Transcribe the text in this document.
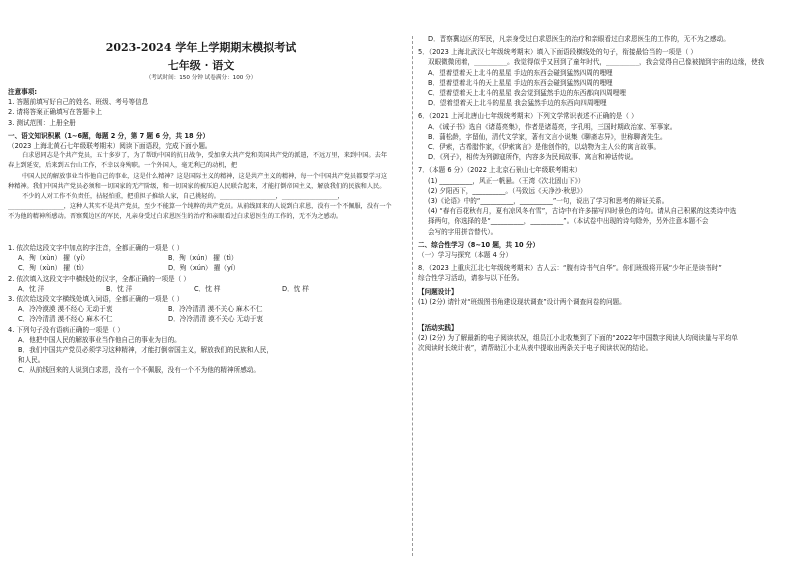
2023-2024 学年上学期期末模拟考试
七年级 · 语文
（考试时间：150 分钟 试卷满分：100 分）
注意事项:
1. 答题前填写好自己的姓名、班级、考号等信息
2. 请将答案正确填写在答题卡上
3. 测试范围：上册全册
一、语文知识积累（1~6题，每题 2 分，第 7 题 6 分，共 18 分）
（2023 上海北黄石七年级联考期末）阅读下面语段，完成下面小题。
白求恩同志是个共产党员，五十多岁了，为了帮助中国的抗日战争，受加拿大共产党和美国共产党的派遣，不远万里，来到中国。去年春上到延安，后来到五台山工作，不幸以身殉职。一个外国人，毫无利己的动机，把
中国人民的解放事业当作他自己的事业，这是什么精神？这是国际主义的精神，这是共产主义的精神，每一个中国共产党员都要学习这种精神。我们中国共产党员必须和一切国家的无产阶级，和一切国家的被压迫人民联合起来，才能打倒帝国主义，解放我们的民族和人民。
不少的人对工作不负责任，拈轻怕重，把重担子推给人家，自己挑轻的。__________________，__________________，__________________，这种人其实不是共产党员，至少不能算一个纯粹的共产党员。从前线回来的人说到白求恩，没有一个不佩服，没有一个不为他的精神所感动。晋察冀边区的军民，凡亲身受过白求恩医生的治疗和亲眼看过白求恩医生的工作的，无不为之感动。
1. 依次给这段文字中加点的字注音，全都正确的一项是（ ）
A．殉（xùn） 擢（yí）	B．殉（xún） 擢（tì）
C．殉（xùn） 擢（tì）	D．殉（xún） 擢（yí）
2. 依次填入这段文字中横线处的汉字，全都正确的一项是（ ）
A．忱 洋	B．忱 洋	C．忱 样	D．忱 样
3. 依次给这段文字横线处填入词语，全都正确的一项是（ ）
A．冷冷漠漠 漠不经心 无动于衷	B．冷冷清清 漠不关心 麻木不仁
C．冷冷清清 漠不经心 麻木不仁	D．冷冷清清 漠不关心 无动于衷
4. 下列句子没有语病正确的一项是（ ）
A．他把中国人民的解放事业当作他自己的事业为目的。
B．我们中国共产党员必须学习这种精神，才能打倒帝国主义，解放我们的民族和人民，
和人民。
C．从前线回来的人说到白求恩，没有一个不佩服，没有一个不为他的精神所感动。
D．晋察冀边区的军民，凡亲身受过白求恩医生的治疗和亲眼看过白求恩医生的工作的，无不为之感动。
5．（2023 上海北武汉七年级统考期末）填入下面语段横线处的句子，衔接最恰当的一项是（ ）
双眼微微闭着，__________。我觉得似乎又回到了童年时代，__________，我会觉得自己像被抛到宇宙的边缘，使我
A．望着望着天上北斗的星星 手边的东西会碰到猛然四周的哩哩
B．望着望着北斗的天上星星 手边的东西会碰到猛然四周的哩哩
C．望着望着天上北斗的星星 我会觉到猛然手边的东西都向四周哩哩
D．望着望着天上北斗的星星 我会猛然手边的东西向四周哩哩
6．（2021 上河北唐山七年级统考期末）下列文学常识表述不正确的是（ ）
A．《诫子书》选自《诸葛亮集》，作者是诸葛亮，字孔明，三国时期政治家、军事家。
B．蒲松龄，字留仙，清代文学家，著有文言小说集《聊斋志异》，世称聊斋先生。
C．伊索，古希腊作家，《伊索寓言》是他创作的，以动物为主人公的寓言故事。
D．《列子》，相传为列御寇所作，内容多为民间故事、寓言和神话传说。
7．（本题 6 分）（2022 上北京石景山七年级联考期末）
(1) __________，风正一帆悬。（王湾《次北固山下》）
(2) 夕阳西下，__________。（马致远《天净沙·秋思》）
(3)《论语》中的“__________，__________”一句，说出了学习和思考的辩证关系。
(4) “春有百花秋有月，夏有凉风冬有雪”，古诗中有许多描写四时景色的诗句。请从自己积累的这类诗中选
择两句，你选择的是“__________，__________”。（本试卷中出现的诗句除外，另外注意本题不会
会写的字用拼音替代）。
二、综合性学习（8~10 题，共 10 分）
（一）学习与探究（本题 4 分）
8．（2023 上重庆江北七年级统考期末）古人云：“腹有诗书气自华”。你们班级将开展“少年正是读书时”
综合性学习活动，请参与以下任务。
【问题设计】
(1) (2分) 请针对“班级图书角建设现状调查”设计两个调查问卷的问题。
【活动实践】
(2) (2分) 为了解最新的电子阅读状况，组员江小北收集到了下面的“2022年中国数字阅读人均阅读量与平均单
次阅读时长统计表”，请帮助江小北从表中提取出两条关于电子阅读状况的结论。
